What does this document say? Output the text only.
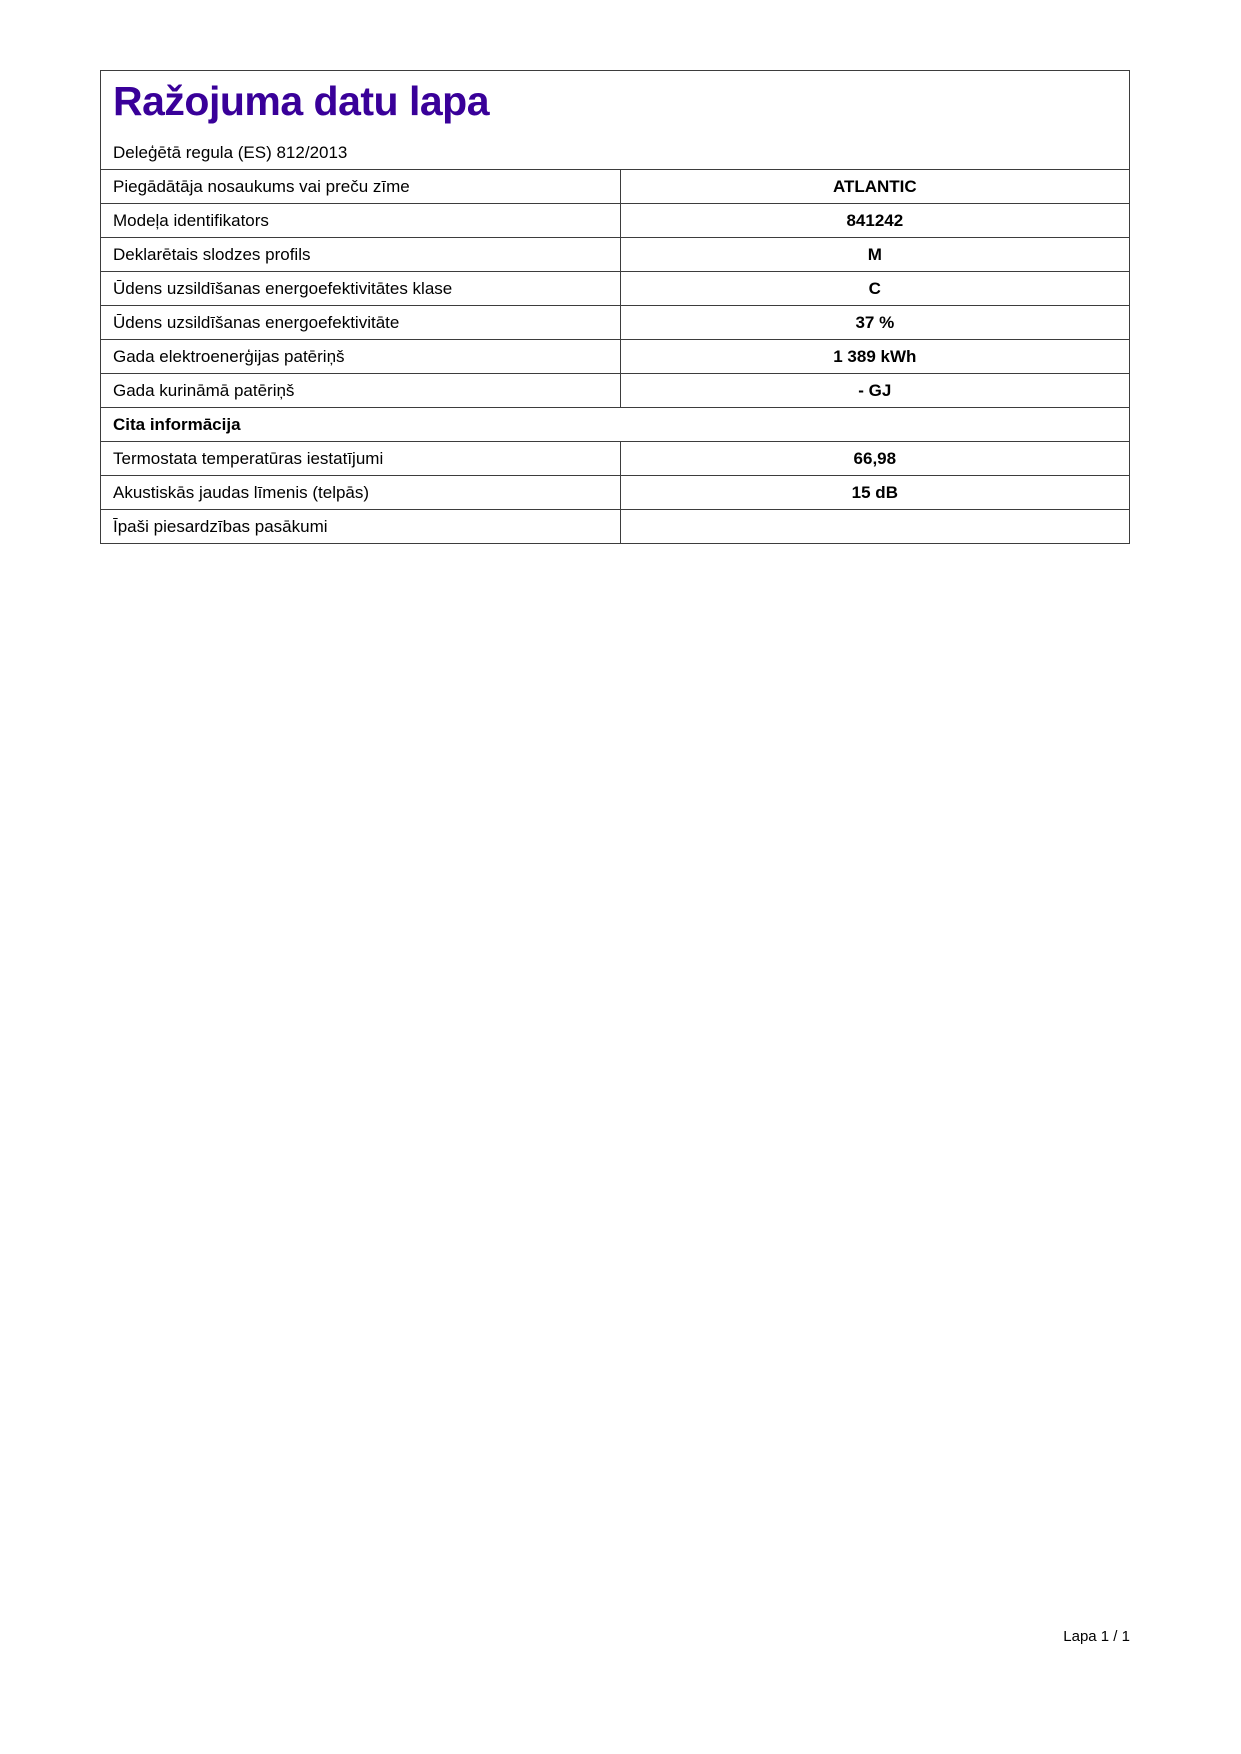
Ražojuma datu lapa
Deleģētā regula (ES) 812/2013	

Piegādātāja nosaukums vai preču zīme	ATLANTIC
Modeļa identifikators	841242
Deklarētais slodzes profils	M
Ūdens uzsildīšanas energoefektivitātes klase	C
Ūdens uzsildīšanas energoefektivitāte	37 %
Gada elektroenerģijas patēriņš	1 389 kWh
Gada kurināmā patēriņš	- GJ
Cita informācija	
Termostata temperatūras iestatījumi	66,98
Akustiskās jaudas līmenis (telpās)	15 dB
Īpaši piesardzības pasākumi	
Lapa 1 / 1
